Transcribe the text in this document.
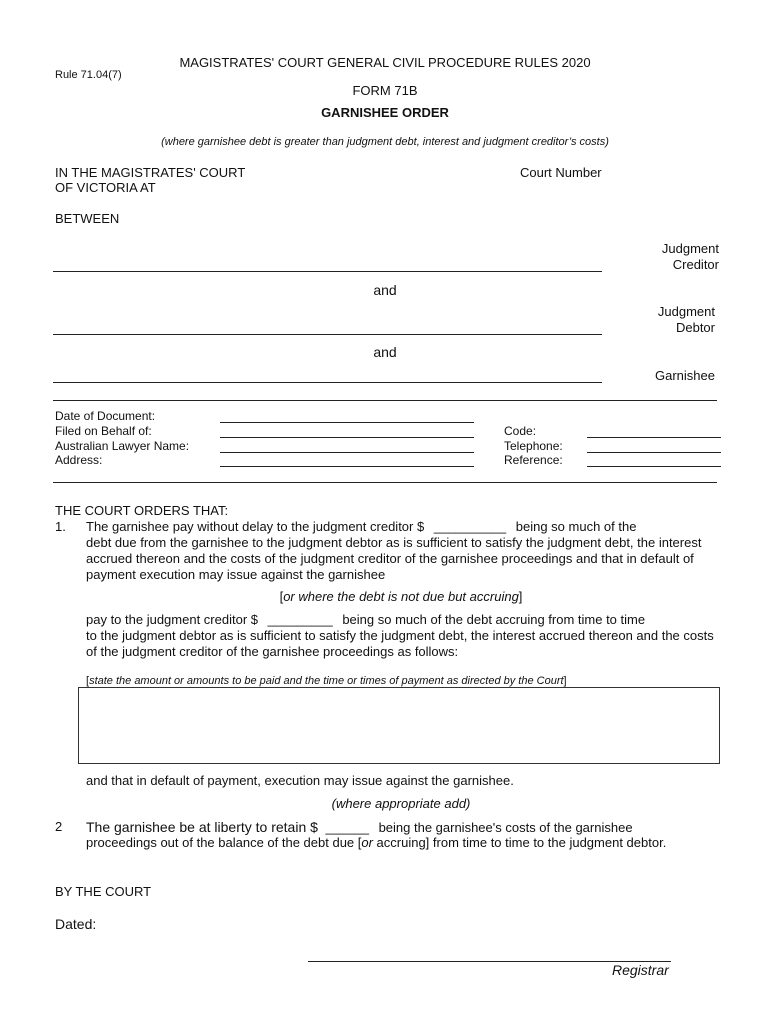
Rule 71.04(7)
MAGISTRATES' COURT GENERAL CIVIL PROCEDURE RULES 2020
FORM 71B
GARNISHEE ORDER
(where garnishee debt is greater than judgment debt, interest and judgment creditor’s costs)
IN THE MAGISTRATES' COURT
OF VICTORIA AT
Court Number
BETWEEN
Judgment
Creditor
and
Judgment
Debtor
and
Garnishee
Date of Document:
Filed on Behalf of:
Australian Lawyer Name:
Address:
Code:
Telephone:
Reference:
THE COURT ORDERS THAT:
1. The garnishee pay without delay to the judgment creditor $ __________ being so much of the
debt due from the garnishee to the judgment debtor as is sufficient to satisfy the judgment debt, the interest accrued thereon and the costs of the judgment creditor of the garnishee proceedings and that in default of payment execution may issue against the garnishee
[or where the debt is not due but accruing]
pay to the judgment creditor $ _________ being so much of the debt accruing from time to time
to the judgment debtor as is sufficient to satisfy the judgment debt, the interest accrued thereon and the costs of the judgment creditor of the garnishee proceedings as follows:
[state the amount or amounts to be paid and the time or times of payment as directed by the Court]
and that in default of payment, execution may issue against the garnishee.
(where appropriate add)
2 The garnishee be at liberty to retain $ ______ being the garnishee's costs of the garnishee
proceedings out of the balance of the debt due [or accruing] from time to time to the judgment debtor.
BY THE COURT
Dated:
Registrar
